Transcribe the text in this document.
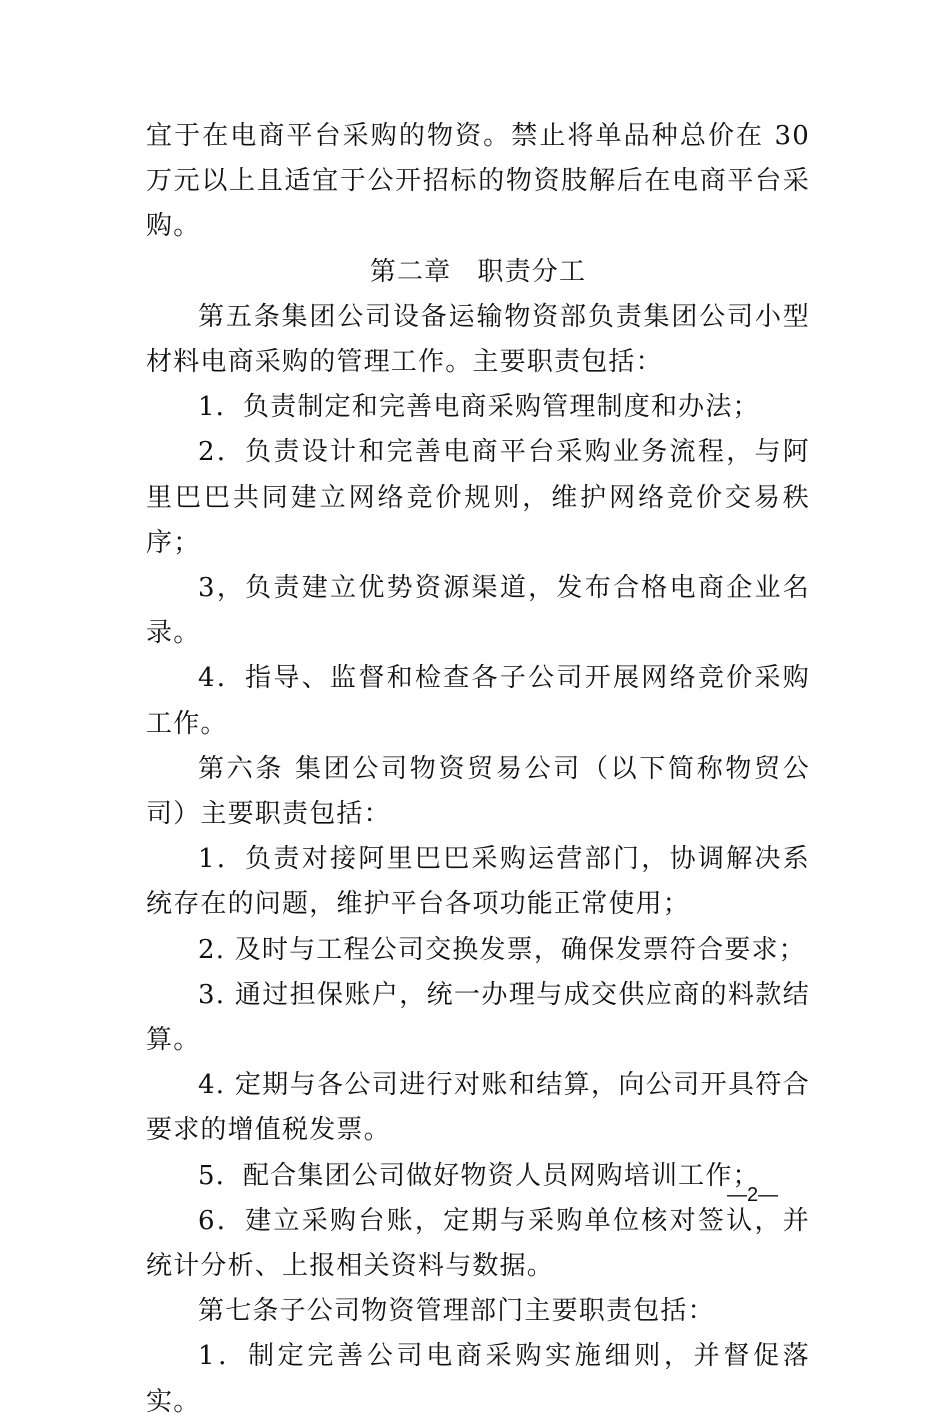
宜于在电商平台采购的物资。禁止将单品种总价在 30 万元以上且适宜于公开招标的物资肢解后在电商平台采购。

第二章 职责分工

第五条集团公司设备运输物资部负责集团公司小型材料电商采购的管理工作。主要职责包括：

1．负责制定和完善电商采购管理制度和办法；

2．负责设计和完善电商平台采购业务流程，与阿里巴巴共同建立网络竞价规则，维护网络竞价交易秩序；

3，负责建立优势资源渠道，发布合格电商企业名录。

4．指导、监督和检查各子公司开展网络竞价采购工作。

第六条 集团公司物资贸易公司（以下简称物贸公司）主要职责包括：

1．负责对接阿里巴巴采购运营部门，协调解决系统存在的问题，维护平台各项功能正常使用；

2. 及时与工程公司交换发票，确保发票符合要求；

3. 通过担保账户，统一办理与成交供应商的料款结算。

4. 定期与各公司进行对账和结算，向公司开具符合要求的增值税发票。

5．配合集团公司做好物资人员网购培训工作；

6．建立采购台账，定期与采购单位核对签认，并统计分析、上报相关资料与数据。

第七条子公司物资管理部门主要职责包括：

1．制定完善公司电商采购实施细则，并督促落实。

—2—
